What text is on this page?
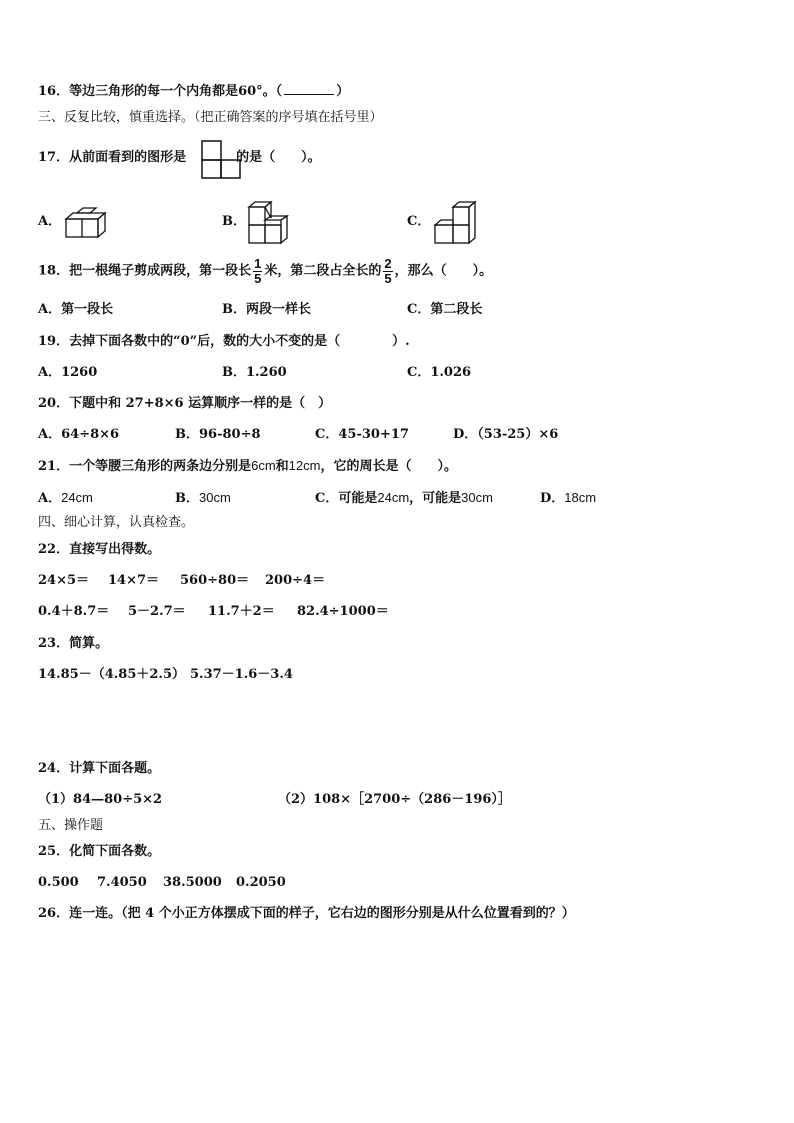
16．等边三角形的每一个内角都是60°。（	）
三、反复比较，慎重选择。（把正确答案的序号填在括号里）
17．从前面看到的图形是	的是（　　）。
A．	B．	C．
18．把一根绳子剪成两段，第一段长 $\frac{1}{5}$ 米，第二段占全长的 $\frac{2}{5}$ ，那么（　　）。
A．第一段长	B．两段一样长	C．第二段长
19．去掉下面各数中的“0”后，数的大小不变的是（　　　　）.
A．1260	B．1.260	C．1.026
20．下题中和 27+8×6 运算顺序一样的是（　）
A．64÷8×6	B．96-80÷8	C．45-30+17	D．（53-25）×6
21．一个等腰三角形的两条边分别是6cm和12cm，它的周长是（　　）。
A．24cm	B．30cm	C．可能是24cm，可能是30cm	D．18cm
四、细心计算，认真检查。
22．直接写出得数。
24×5＝ 14×7＝ 560÷80＝ 200÷4＝
0.4＋8.7＝ 5－2.7＝ 11.7＋2＝ 82.4÷1000＝
23．简算。
14.85－（4.85＋2.5） 5.37－1.6－3.4
24．计算下面各题。
（1）84—80÷5×2	（2）108×［2700÷（286－196）］
五、操作题
25．化简下面各数。
0.500 7.4050 38.5000 0.2050
26．连一连。（把 4 个小正方体摆成下面的样子，它右边的图形分别是从什么位置看到的？）
